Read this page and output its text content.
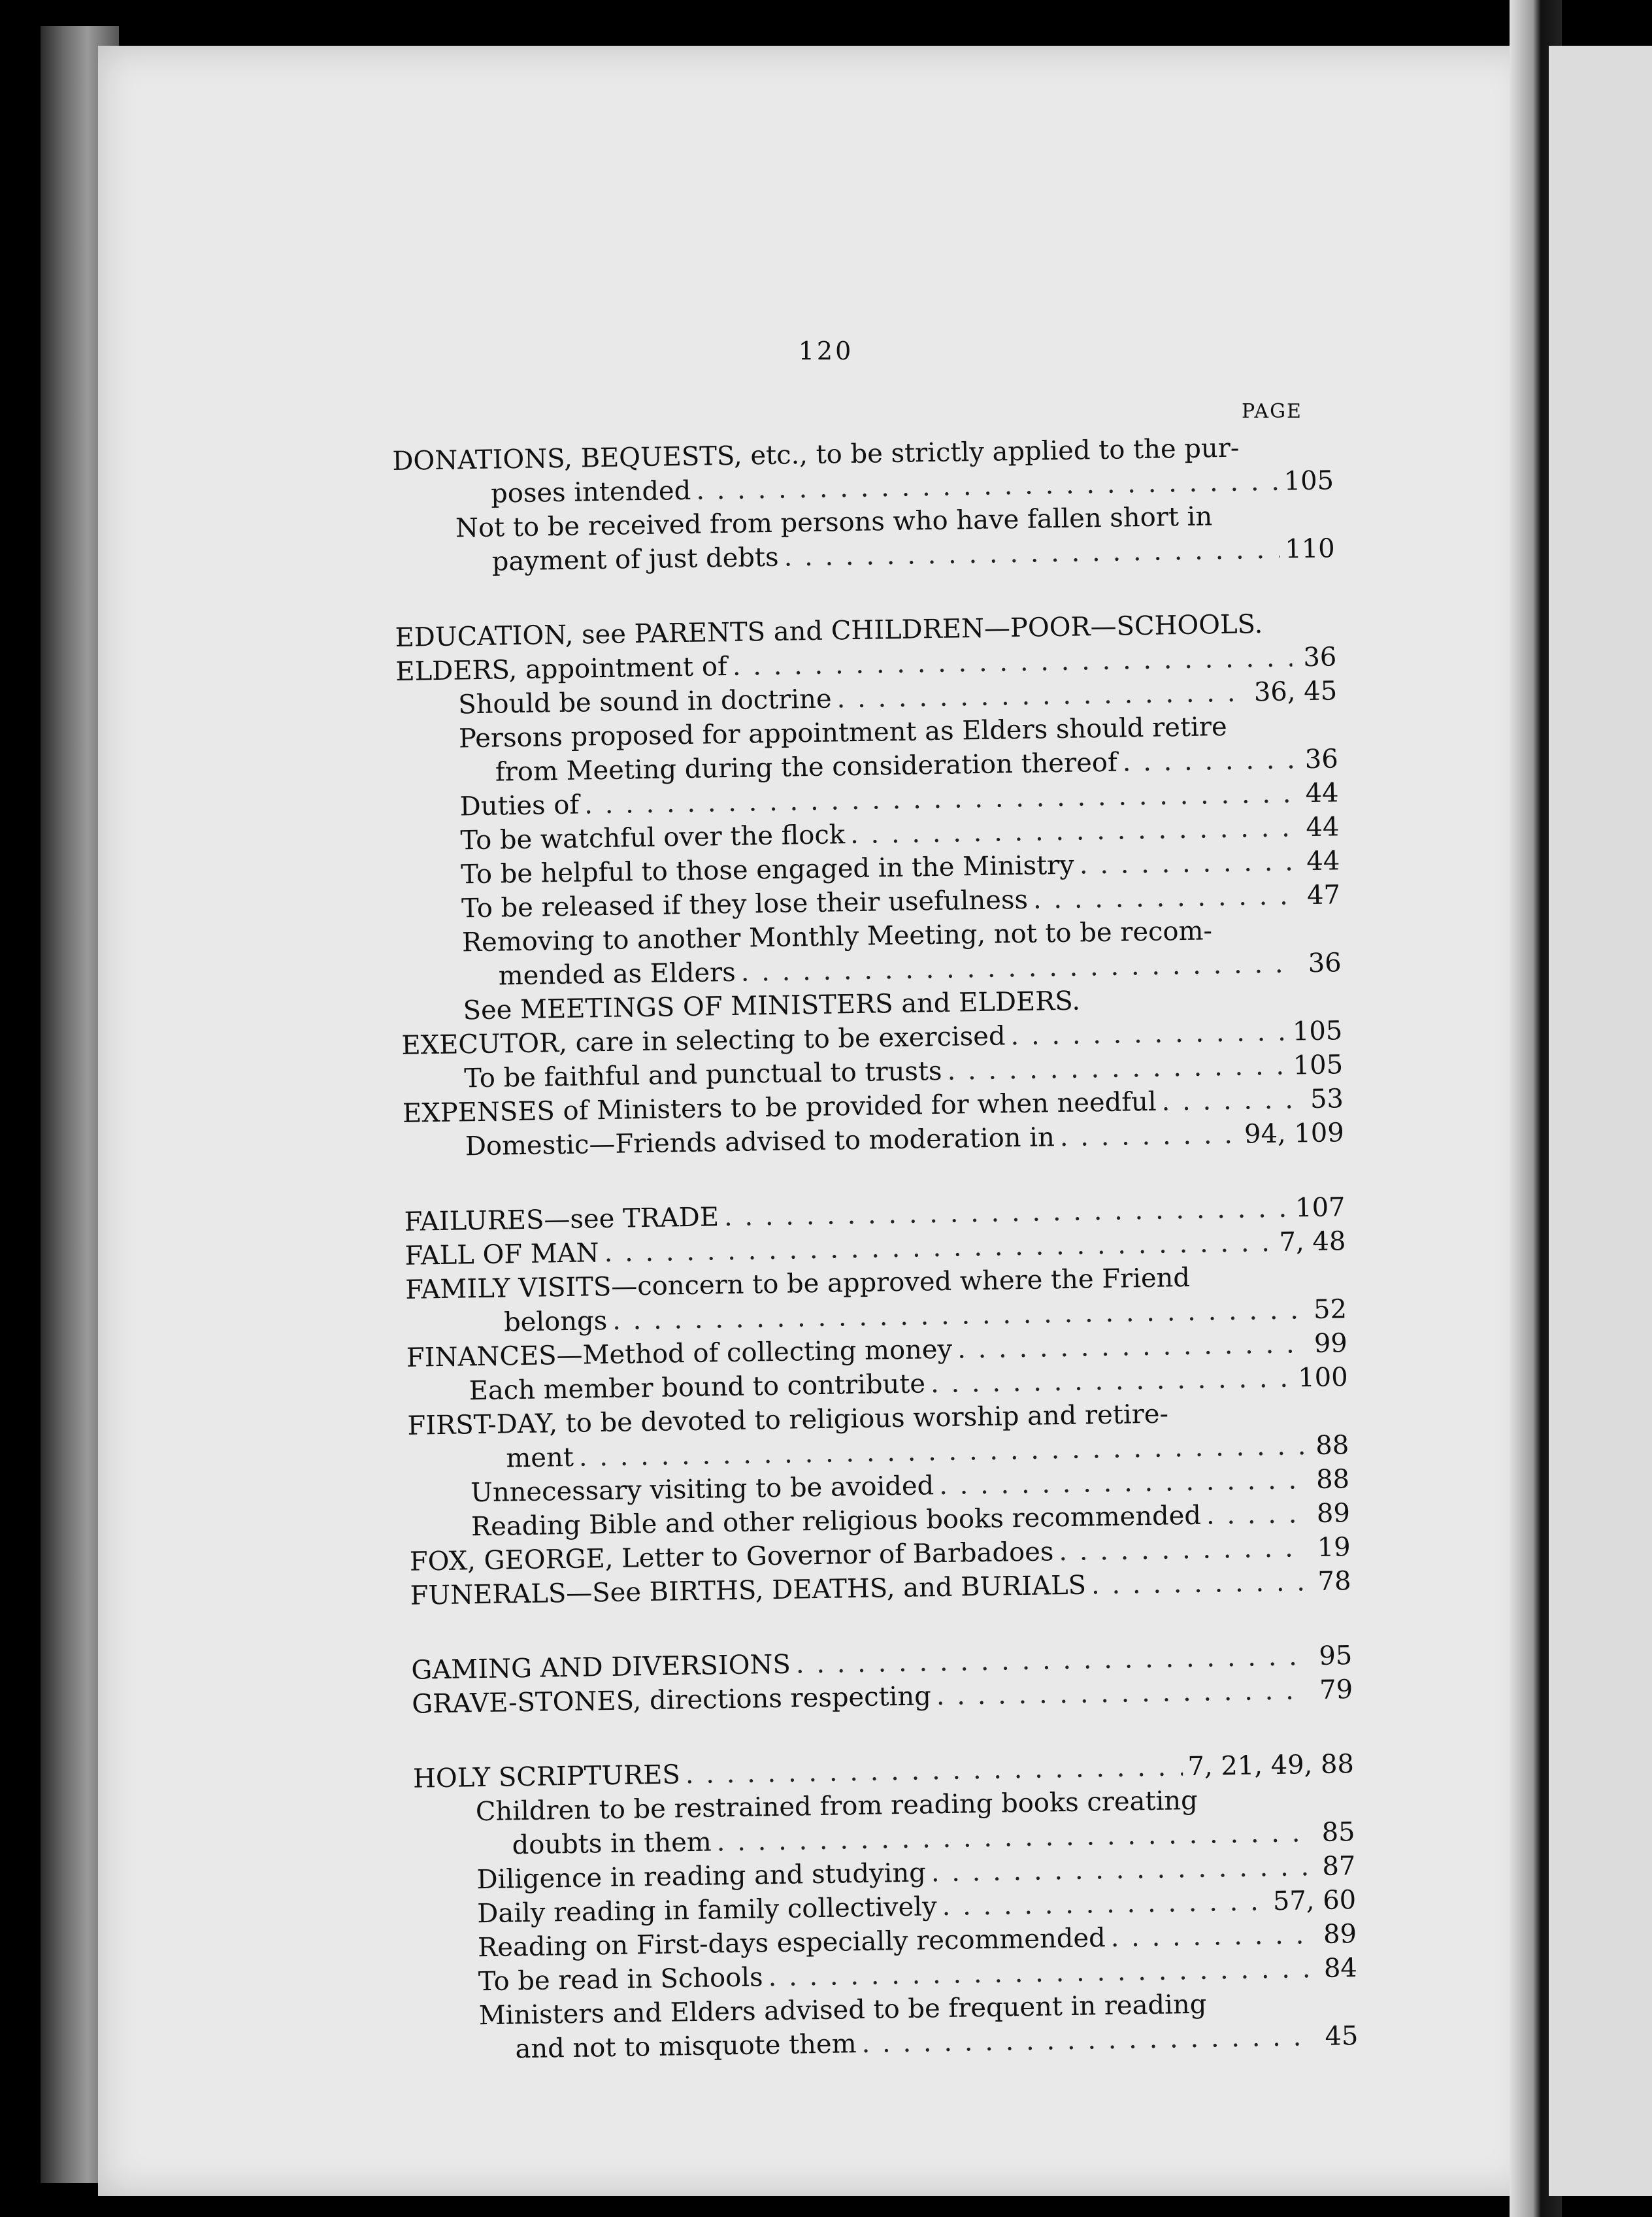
120
PAGE
DONATIONS, BEQUESTS, etc., to be strictly applied to the pur-
poses intended . . .	105
Not to be received from persons who have fallen short in
payment of just debts . . .	110
EDUCATION, see PARENTS and CHILDREN—POOR—SCHOOLS.
ELDERS, appointment of . . .	36
Should be sound in doctrine . . .	36, 45
Persons proposed for appointment as Elders should retire
from Meeting during the consideration thereof . . .	36
Duties of . . .	44
To be watchful over the flock . . .	44
To be helpful to those engaged in the Ministry . . .	44
To be released if they lose their usefulness . . .	47
Removing to another Monthly Meeting, not to be recom-
mended as Elders . . .	36
See MEETINGS OF MINISTERS and ELDERS.
EXECUTOR, care in selecting to be exercised . . .	105
To be faithful and punctual to trusts . . .	105
EXPENSES of Ministers to be provided for when needful . . .	53
Domestic—Friends advised to moderation in . . .	94, 109
FAILURES—see TRADE . . .	107
FALL OF MAN . . .	7, 48
FAMILY VISITS—concern to be approved where the Friend
belongs . . .	52
FINANCES—Method of collecting money . . .	99
Each member bound to contribute . . .	100
FIRST-DAY, to be devoted to religious worship and retire-
ment . . .	88
Unnecessary visiting to be avoided . . .	88
Reading Bible and other religious books recommended . . .	89
FOX, GEORGE, Letter to Governor of Barbadoes . . .	19
FUNERALS—See BIRTHS, DEATHS, and BURIALS . . .	78
GAMING AND DIVERSIONS . . .	95
GRAVE-STONES, directions respecting . . .	79
HOLY SCRIPTURES . . .	7, 21, 49, 88
Children to be restrained from reading books creating
doubts in them . . .	85
Diligence in reading and studying . . .	87
Daily reading in family collectively . . .	57, 60
Reading on First-days especially recommended . . .	89
To be read in Schools . . .	84
Ministers and Elders advised to be frequent in reading
and not to misquote them . . .	45
